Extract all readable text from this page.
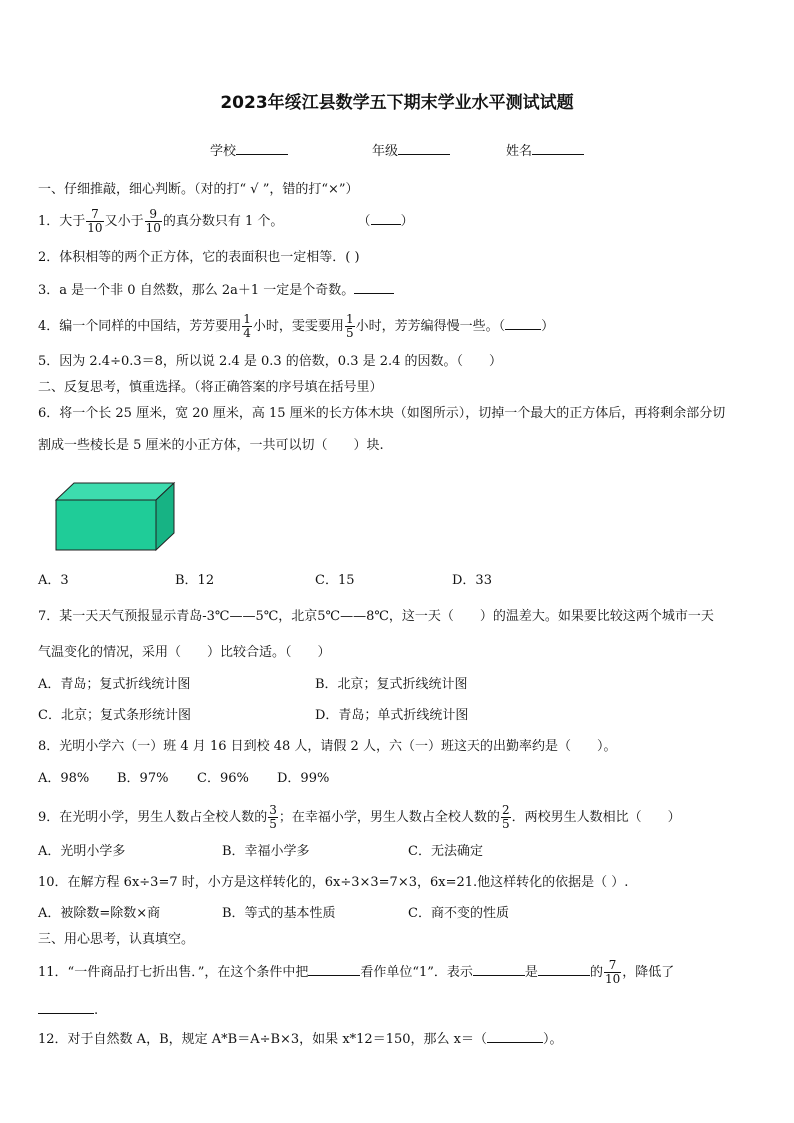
2023年绥江县数学五下期末学业水平测试试题
学校	年级	姓名
一、仔细推敲，细心判断。（对的打“ √ ”，错的打“×”）
1．大于 $\frac{7}{10}$ 又小于 $\frac{9}{10}$ 的真分数只有 1 个。	（ ）
2．体积相等的两个正方体，它的表面积也一定相等．( )
3．a 是一个非 0 自然数，那么 2a＋1 一定是个奇数。
4．编一个同样的中国结，芳芳要用 $\frac{1}{4}$ 小时，雯雯要用 $\frac{1}{5}$ 小时，芳芳编得慢一些。（	）
5．因为 2.4÷0.3＝8，所以说 2.4 是 0.3 的倍数，0.3 是 2.4 的因数。（　　）
二、反复思考，慎重选择。（将正确答案的序号填在括号里）
6．将一个长 25 厘米，宽 20 厘米，高 15 厘米的长方体木块（如图所示），切掉一个最大的正方体后，再将剩余部分切
割成一些棱长是 5 厘米的小正方体，一共可以切（　　）块.
A．3	B．12	C．15	D．33
7．某一天天气预报显示青岛-3℃——5℃，北京5℃——8℃，这一天（　　）的温差大。如果要比较这两个城市一天
气温变化的情况，采用（　　）比较合适。（　　）
A．青岛；复式折线统计图	B．北京；复式折线统计图
C．北京；复式条形统计图	D．青岛；单式折线统计图
8．光明小学六（一）班 4 月 16 日到校 48 人，请假 2 人，六（一）班这天的出勤率约是（　　）。
A．98% B．97% C．96% D．99%
9．在光明小学，男生人数占全校人数的 $\frac{3}{5}$ ；在幸福小学，男生人数占全校人数的 $\frac{2}{5}$ ．两校男生人数相比（　　）
A．光明小学多	B．幸福小学多	C．无法确定
10．在解方程 6x÷3=7 时，小方是这样转化的，6x÷3×3=7×3，6x=21.他这样转化的依据是（ ）.
A．被除数=除数×商	B．等式的基本性质	C．商不变的性质
三、用心思考，认真填空。
11．“一件商品打七折出售．”，在这个条件中把	看作单位“1”．表示	是	的 $\frac{7}{10}$ ，降低了
.
12．对于自然数 A，B，规定 A*B＝A÷B×3，如果 x*12＝150，那么 x＝（	）。
